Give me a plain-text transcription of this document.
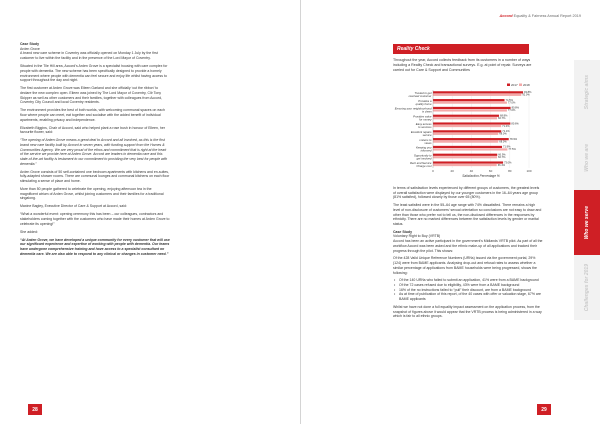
Case Study
Arden Grove
A brand new care scheme in Coventry was officially opened on Monday 1 July by the first customer to live within the facility and in the presence of the Lord Mayor of Coventry.

Situated in the Tile Hill area, Accord’s Arden Grove is a specialist housing with care complex for people with dementia. The new scheme has been specifically designed to provide a homely environment where people with dementia can feel secure and enjoy life whilst having access to support throughout the day and night.

The first customer at Arden Grove was Eileen Garland and she officially ‘cut the ribbon’ to declare the new complex open. Eileen was joined by The Lord Mayor of Coventry, Cllr Tony Skipper as well as other customers and their families, together with colleagues from Accord, Coventry City Council and local Coventry residents.

The environment provides the best of both worlds, with welcoming communal spaces on each floor where people can meet, eat together and socialise with the added benefit of individual apartments, enabling privacy and independence.

Elizabeth Biggins, Chair of Accord, said who helped plant a rose bush in honour of Eileen, her favourite flower, said:

“The opening of Arden Grove means a great deal to Accord and all involved, as this is the first brand new care facility built by Accord in seven years, with funding support from the Homes & Communities Agency. We are very proud of the ethos and commitment that is right at the heart of the service we provide here at Arden Grove. Accord are leaders in dementia care and this state-of-the-art facility is testament to our commitment to providing the very best for people with dementia.”

Arden Grove consists of 50 self-contained one bedroom apartments with kitchens and en-suites, fully-adapted shower rooms. There are communal lounges and communal kitchens on each floor stimulating a sense of place and home.

More than 50 people gathered to celebrate the opening, enjoying afternoon tea in the magnificent atrium of Arden Grove, whilst joining customers and their families for a traditional singalong.

Maxine Bagley, Executive Director of Care & Support at Accord, said:

“What a wonderful event: opening ceremony this has been – our colleagues, contractors and stakeholders coming together with the customers who have made their homes at Arden Grove to celebrate its opening!”

She added:

“At Arden Grove, we have developed a unique community for every customer that will use our significant experience and expertise of working with people with dementia. Our teams have undergone comprehensive training and have access to a specialist consultant on dementia care. We are also able to respond to any clinical or changes in customer need.”

28
Accord Equality & Fairness Annual Report 2019
Reality Check

Throughout the year, Accord collects feedback from its customers in a number of ways including a Reality Check and transactional surveys. E.g. at point of repair. Surveys are carried out for Care & Support and Communities

0	20	40	60	80	100
Satisfaction Percentage %
2017 2018
Trusted to get resolved customer
93.8%
92.0%
Provides a quality home
74.5%
77.0%
Ensuring your neighbourhood is clean
80.8%
77.0%
Provides value for money
68.8%
66.7%
Easy access to services
80.6%
71.0%
Excellent repairs service
71.1%
68.0%
Listens to views
78.9%
68.0%
Keeping you informed
71.9%
77.5%
Opportunity to get involved
66.9%
66.7%
Rent and Service Charge cost
73.0%
66.4%

In terms of satisfaction levels experienced by different groups of customers, the greatest levels of overall satisfaction were displayed by our younger customers in the 16–64 years age group (81% satisfied), followed closely by those over 65 (80%).

The least satisfied were in the 55–64 age range with 74% dissatisfied. There remains a high level of non-disclosure of customers’ sexual orientation so conclusions are not easy to draw and other than those who prefer not to tell us, the non-disclosed differences in the responses by ethnicity. There are no marked differences between the satisfaction levels by gender or marital status.

Case Study
Voluntary Right to Buy (VRTB)
Accord has been an active participant in the government’s Midlands VRTB pilot. As part of all the workflow Accord was been asked and the ethnic make-up of all applications and tracked their progress through the pilot. This shows:

Of the 428 Valid Unique Reference Numbers (URNs) issued via the government portal, 29% (124) were from BAME applicants. Analysing drop-out and refusal rates to assess whether a similar percentage of applications from BAME households were being progressed, shows the following:

• Of the 140 URNs who failed to submit an application, 41% were from a BAME background
• Of the 72 cases refused due to eligibility, 43% were from a BAME background
• 16% of the no instructions failed to “pull” their discount, are from a BAME background
• As at time of publication of this report, of the 40 cases with offer or valuation stage, 67% are BAME applicants

Whilst we have not done a full equality impact assessment on the application process, from the snapshot of figures above it would appear that the VRTB process is being administered in a way which is fair to all ethnic groups.

Strategic aims
Who we are
Who we serve
Challenges for 2019
29
